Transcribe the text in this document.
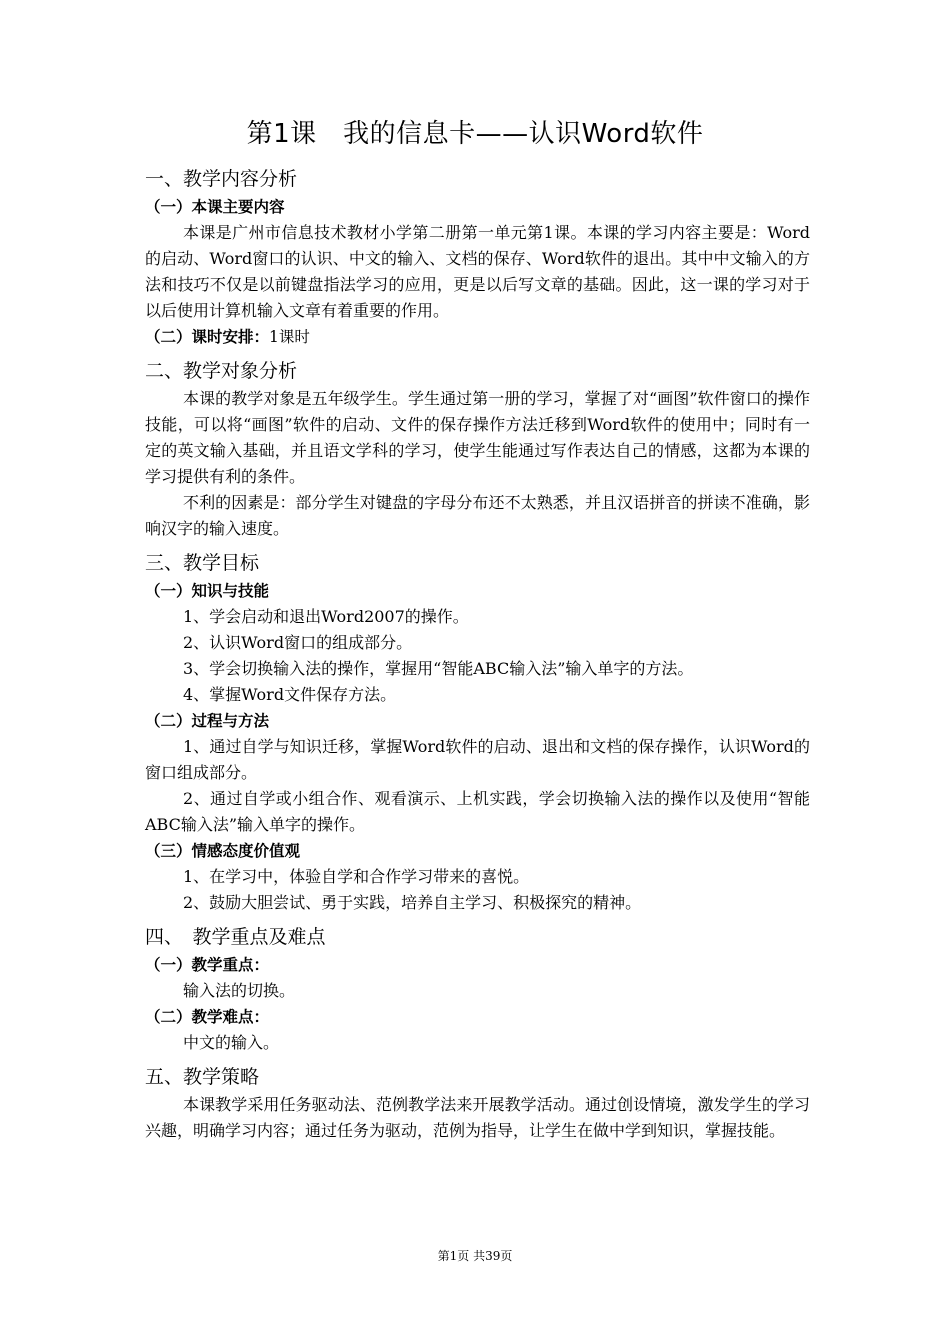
第1课　我的信息卡——认识Word软件
一、教学内容分析
（一）本课主要内容

本课是广州市信息技术教材小学第二册第一单元第1课。本课的学习内容主要是：Word的启动、Word窗口的认识、中文的输入、文档的保存、Word软件的退出。其中中文输入的方法和技巧不仅是以前键盘指法学习的应用，更是以后写文章的基础。因此，这一课的学习对于以后使用计算机输入文章有着重要的作用。

（二）课时安排：1课时
二、教学对象分析

本课的教学对象是五年级学生。学生通过第一册的学习，掌握了对“画图”软件窗口的操作技能，可以将“画图”软件的启动、文件的保存操作方法迁移到Word软件的使用中；同时有一定的英文输入基础，并且语文学科的学习，使学生能通过写作表达自己的情感，这都为本课的学习提供有利的条件。

不利的因素是：部分学生对键盘的字母分布还不太熟悉，并且汉语拼音的拼读不准确，影响汉字的输入速度。

三、教学目标
（一）知识与技能

1、学会启动和退出Word2007的操作。

2、认识Word窗口的组成部分。

3、学会切换输入法的操作，掌握用“智能ABC输入法”输入单字的方法。

4、掌握Word文件保存方法。

（二）过程与方法

1、通过自学与知识迁移，掌握Word软件的启动、退出和文档的保存操作，认识Word的窗口组成部分。

2、通过自学或小组合作、观看演示、上机实践，学会切换输入法的操作以及使用“智能ABC输入法”输入单字的操作。

（三）情感态度价值观

1、在学习中，体验自学和合作学习带来的喜悦。

2、鼓励大胆尝试、勇于实践，培养自主学习、积极探究的精神。

四、　教学重点及难点
（一）教学重点：

输入法的切换。

（二）教学难点：

中文的输入。

五、教学策略

本课教学采用任务驱动法、范例教学法来开展教学活动。通过创设情境，激发学生的学习兴趣，明确学习内容；通过任务为驱动，范例为指导，让学生在做中学到知识，掌握技能。

第1页 共39页
